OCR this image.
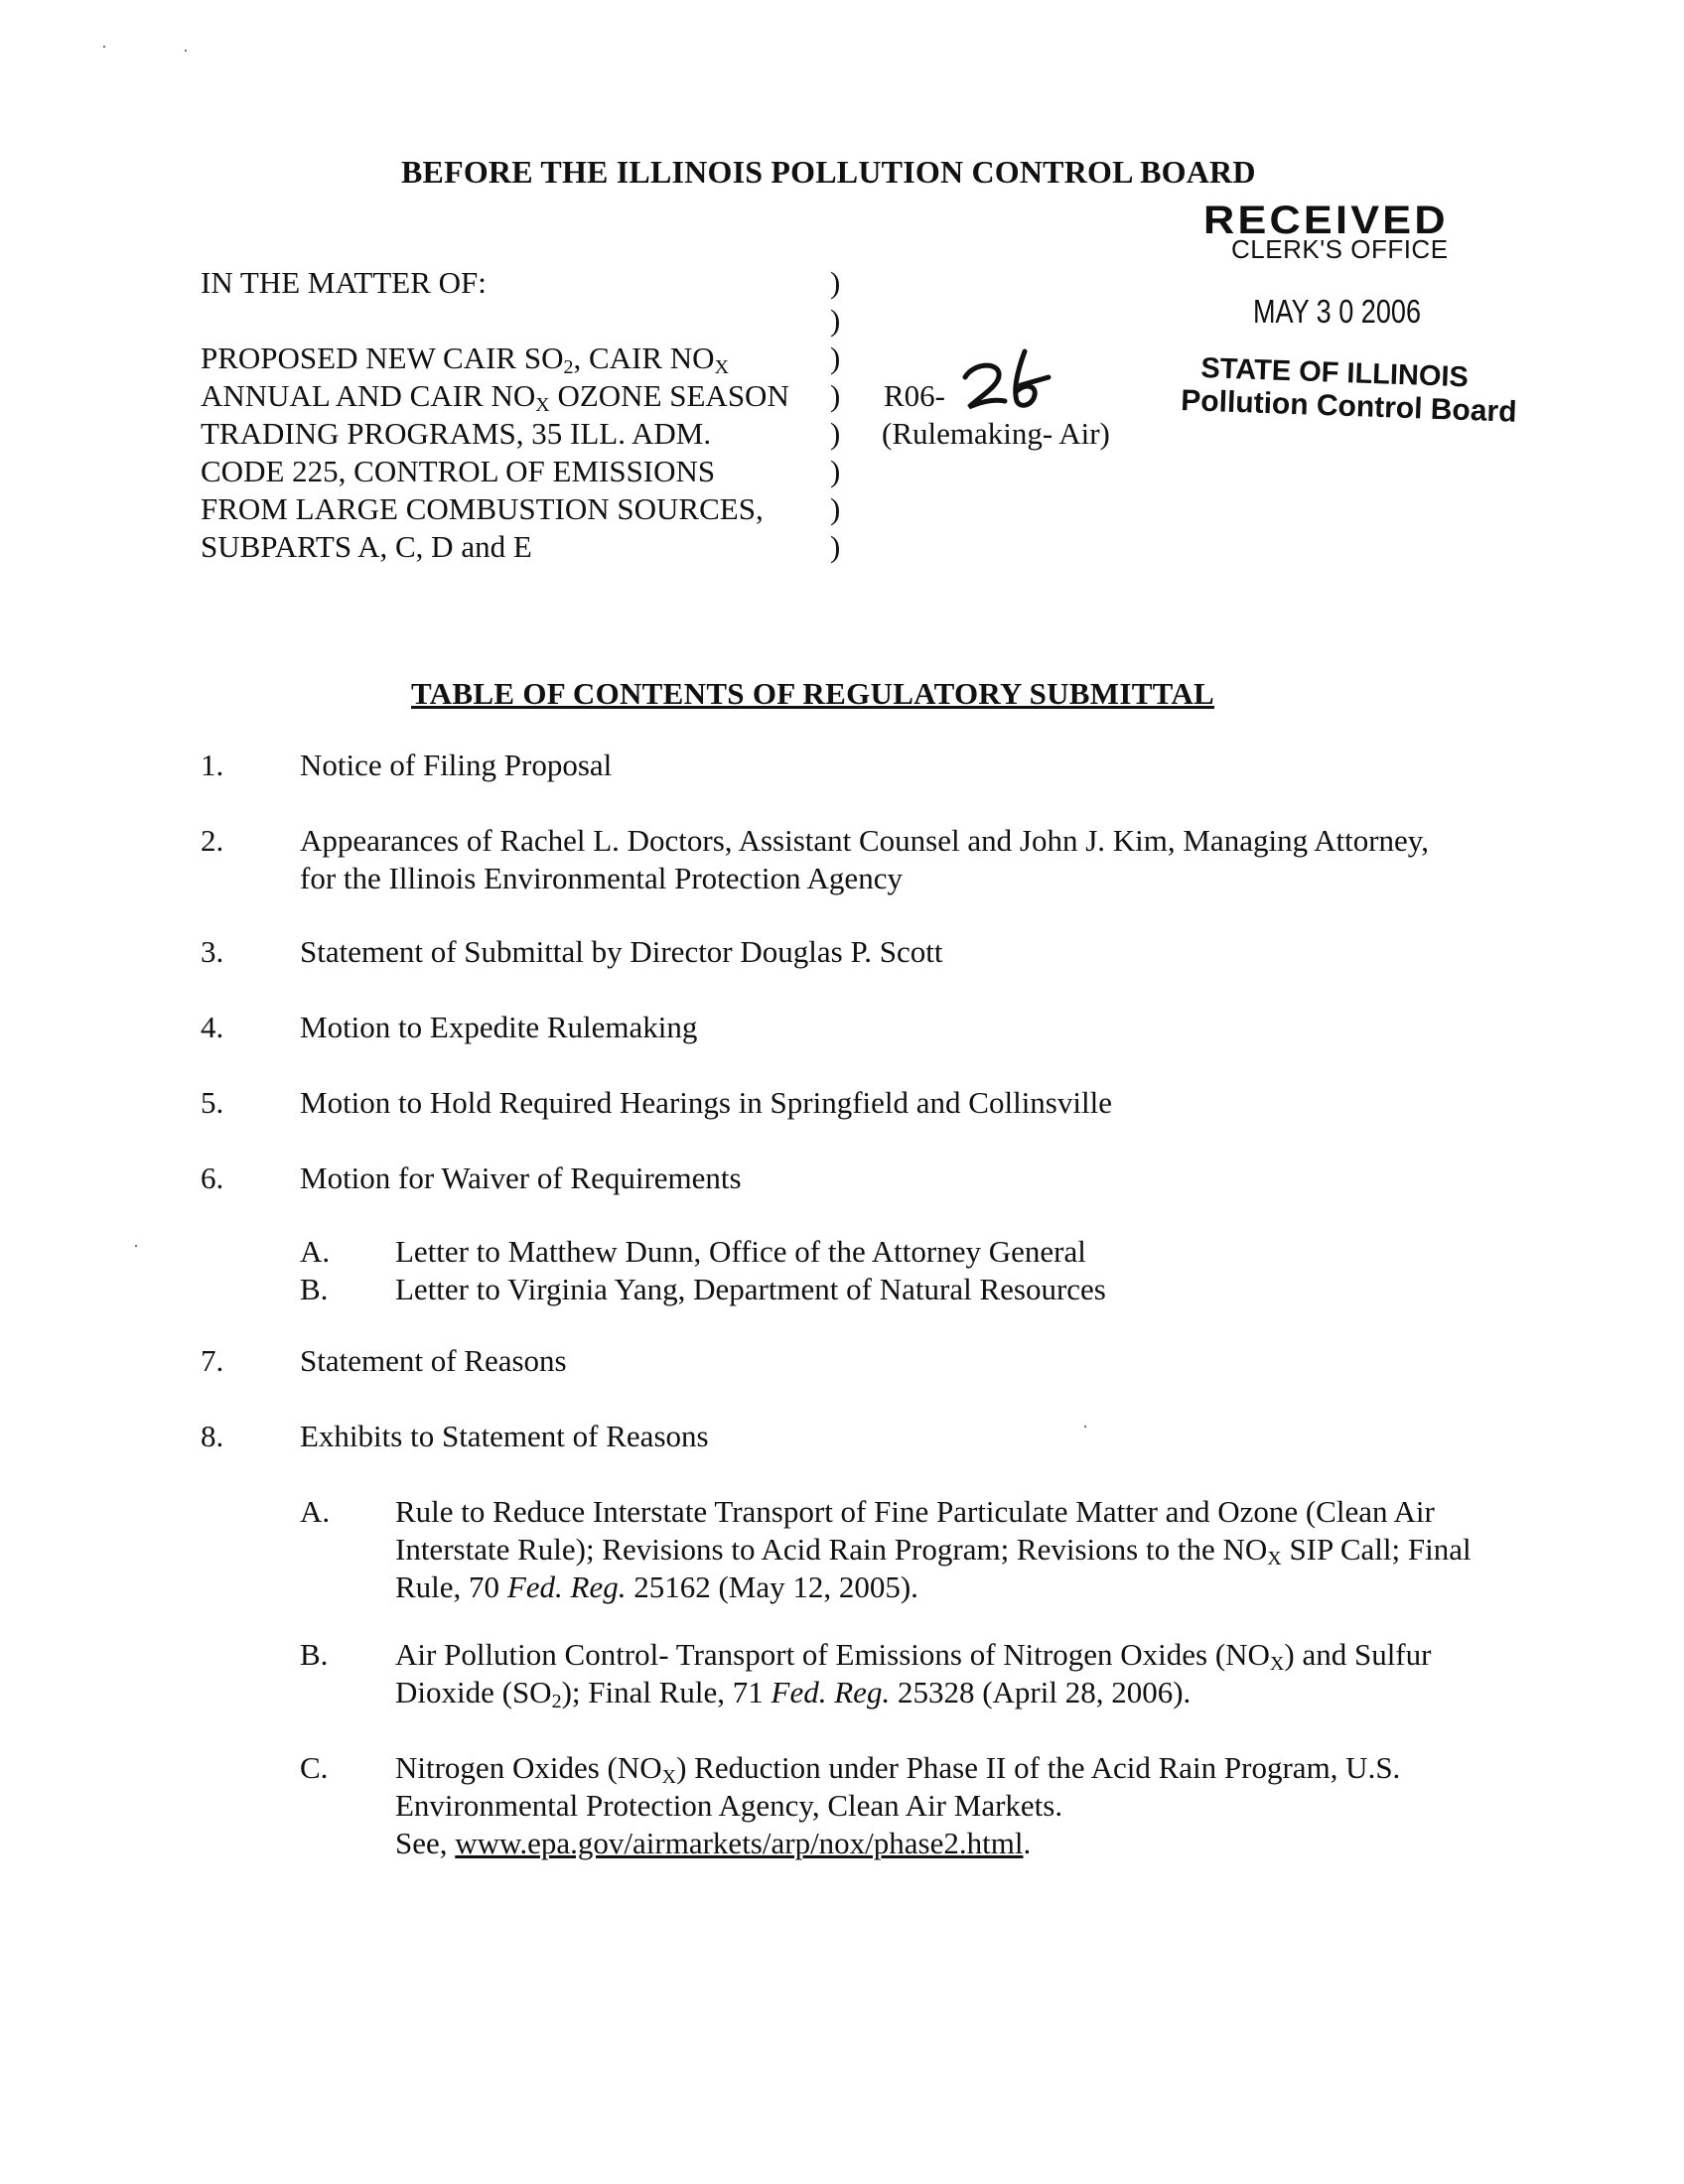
BEFORE THE ILLINOIS POLLUTION CONTROL BOARD
RECEIVED
CLERK'S OFFICE
MAY 3 0 2006
STATE OF ILLINOIS
Pollution Control Board
IN THE MATTER OF:
PROPOSED NEW CAIR $SO_2$, CAIR $NO_X$
ANNUAL AND CAIR $NO_X$ OZONE SEASON
TRADING PROGRAMS, 35 ILL. ADM.
CODE 225, CONTROL OF EMISSIONS
FROM LARGE COMBUSTION SOURCES,
SUBPARTS A, C, D and E
)
)
)
)
)
)
)
)
R06-
(Rulemaking- Air)
TABLE OF CONTENTS OF REGULATORY SUBMITTAL
1. Notice of Filing Proposal
2. Appearances of Rachel L. Doctors, Assistant Counsel and John J. Kim, Managing Attorney, for the Illinois Environmental Protection Agency
3. Statement of Submittal by Director Douglas P. Scott
4. Motion to Expedite Rulemaking
5. Motion to Hold Required Hearings in Springfield and Collinsville
6. Motion for Waiver of Requirements
A. Letter to Matthew Dunn, Office of the Attorney General
B. Letter to Virginia Yang, Department of Natural Resources
7. Statement of Reasons
8. Exhibits to Statement of Reasons
A. Rule to Reduce Interstate Transport of Fine Particulate Matter and Ozone (Clean Air Interstate Rule); Revisions to Acid Rain Program; Revisions to the $NO_X$ SIP Call; Final Rule, 70 Fed. Reg. 25162 (May 12, 2005).
B. Air Pollution Control- Transport of Emissions of Nitrogen Oxides $(NO_X)$ and Sulfur Dioxide $(SO_2)$; Final Rule, 71 Fed. Reg. 25328 (April 28, 2006).
C. Nitrogen Oxides $(NO_X)$ Reduction under Phase II of the Acid Rain Program, U.S. Environmental Protection Agency, Clean Air Markets.
See, www.epa.gov/airmarkets/arp/nox/phase2.html.
